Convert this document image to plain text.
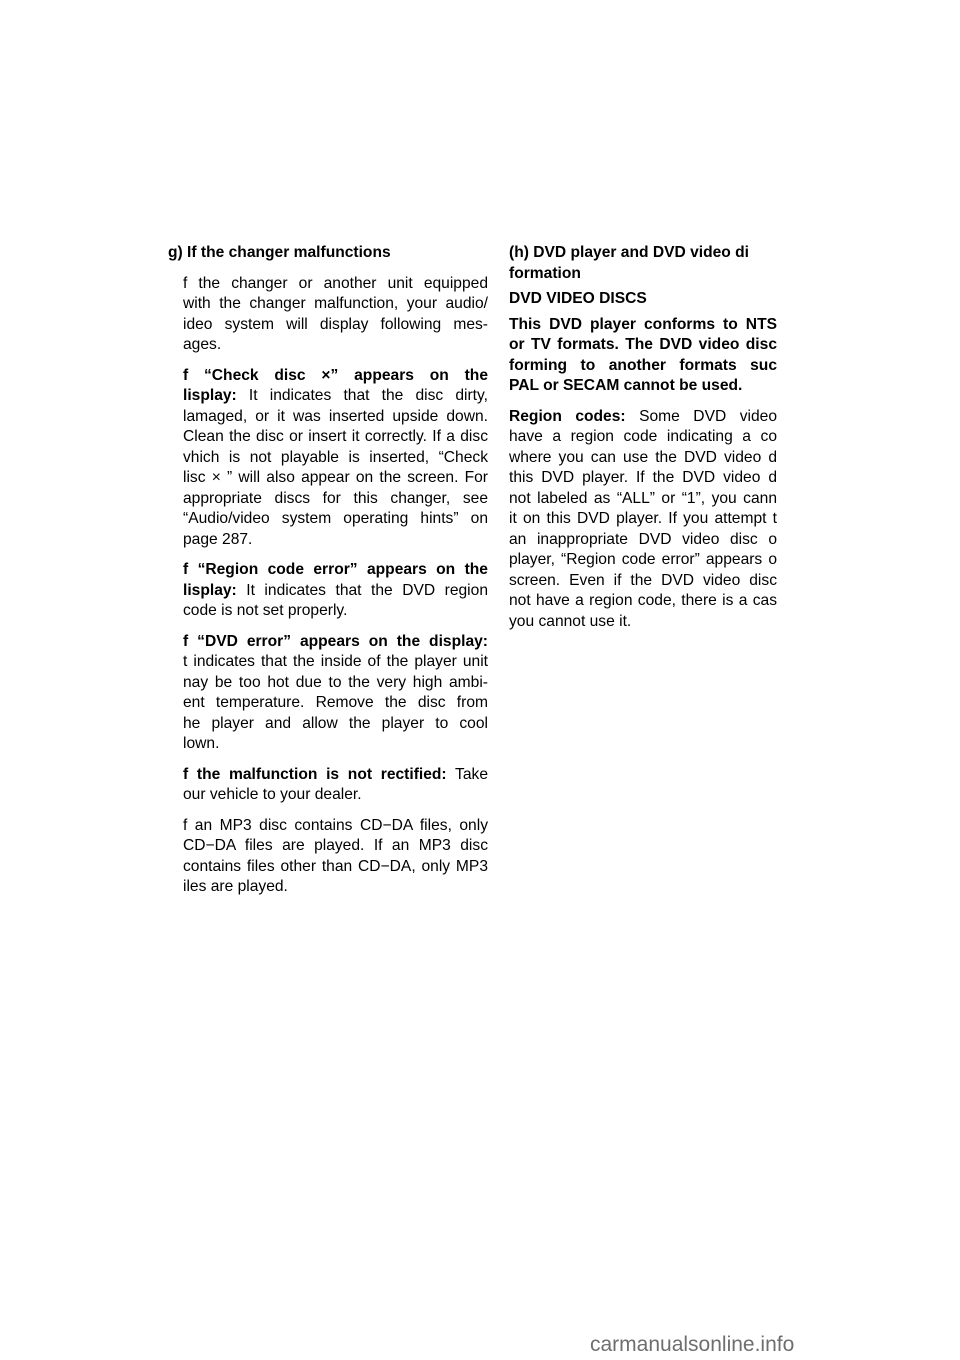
g) If the changer malfunctions
f the changer or another unit equipped
with the changer malfunction, your audio/
ideo system will display following mes-
ages.
f “Check disc ×” appears on the
lisplay: It indicates that the disc dirty,
lamaged, or it was inserted upside down.
Clean the disc or insert it correctly. If a disc
vhich is not playable is inserted, “Check
lisc × ” will also appear on the screen. For
appropriate discs for this changer, see
“Audio/video system operating hints” on
page 287.
f “Region code error” appears on the
lisplay: It indicates that the DVD region
code is not set properly.
f “DVD error” appears on the display:
t indicates that the inside of the player unit
nay be too hot due to the very high ambi-
ent temperature. Remove the disc from
he player and allow the player to cool
lown.
f the malfunction is not rectified: Take
our vehicle to your dealer.
f an MP3 disc contains CD−DA files, only
CD−DA files are played. If an MP3 disc
contains files other than CD−DA, only MP3
iles are played.
(h) DVD player and DVD video di
formation
DVD VIDEO DISCS
This DVD player conforms to NTS
or TV formats. The DVD video disc
forming to another formats suc
PAL or SECAM cannot be used.
Region codes: Some DVD video
have a region code indicating a co
where you can use the DVD video d
this DVD player. If the DVD video d
not labeled as “ALL” or “1”, you cann
it on this DVD player. If you attempt t
an inappropriate DVD video disc o
player, “Region code error” appears o
screen. Even if the DVD video disc
not have a region code, there is a cas
you cannot use it.
carmanualsonline.info
